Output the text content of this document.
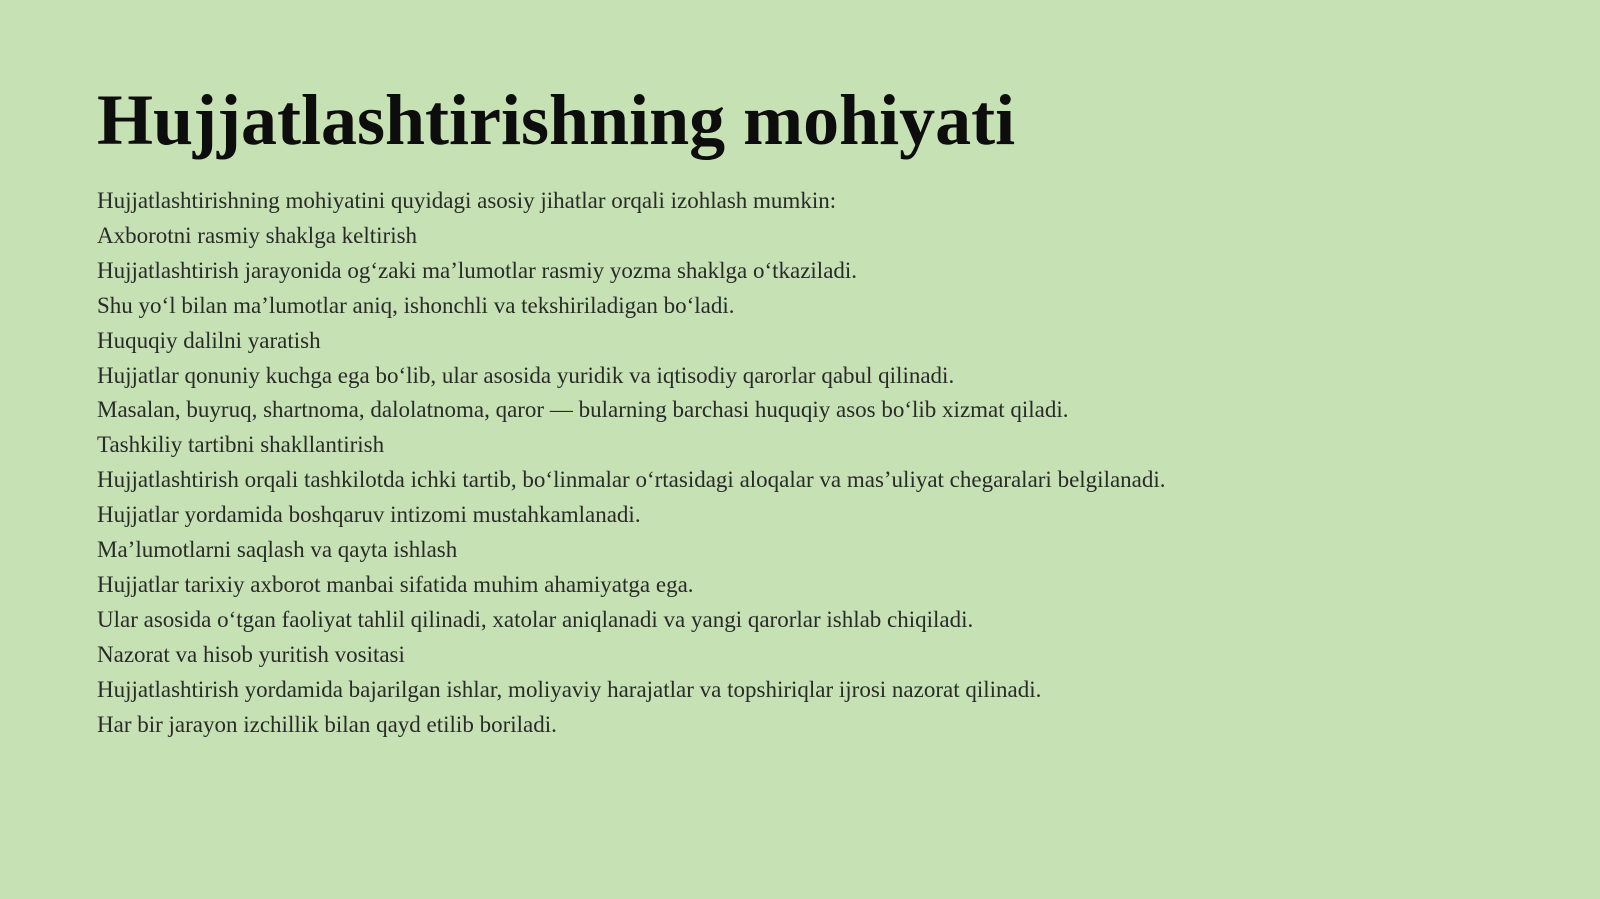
Hujjatlashtirishning mohiyati
Hujjatlashtirishning mohiyatini quyidagi asosiy jihatlar orqali izohlash mumkin:
Axborotni rasmiy shaklga keltirish
Hujjatlashtirish jarayonida og‘zaki ma’lumotlar rasmiy yozma shaklga o‘tkaziladi.
Shu yo‘l bilan ma’lumotlar aniq, ishonchli va tekshiriladigan bo‘ladi.
Huquqiy dalilni yaratish
Hujjatlar qonuniy kuchga ega bo‘lib, ular asosida yuridik va iqtisodiy qarorlar qabul qilinadi.
Masalan, buyruq, shartnoma, dalolatnoma, qaror — bularning barchasi huquqiy asos bo‘lib xizmat qiladi.
Tashkiliy tartibni shakllantirish
Hujjatlashtirish orqali tashkilotda ichki tartib, bo‘linmalar o‘rtasidagi aloqalar va mas’uliyat chegaralari belgilanadi.
Hujjatlar yordamida boshqaruv intizomi mustahkamlanadi.
Ma’lumotlarni saqlash va qayta ishlash
Hujjatlar tarixiy axborot manbai sifatida muhim ahamiyatga ega.
Ular asosida o‘tgan faoliyat tahlil qilinadi, xatolar aniqlanadi va yangi qarorlar ishlab chiqiladi.
Nazorat va hisob yuritish vositasi
Hujjatlashtirish yordamida bajarilgan ishlar, moliyaviy harajatlar va topshiriqlar ijrosi nazorat qilinadi.
Har bir jarayon izchillik bilan qayd etilib boriladi.
